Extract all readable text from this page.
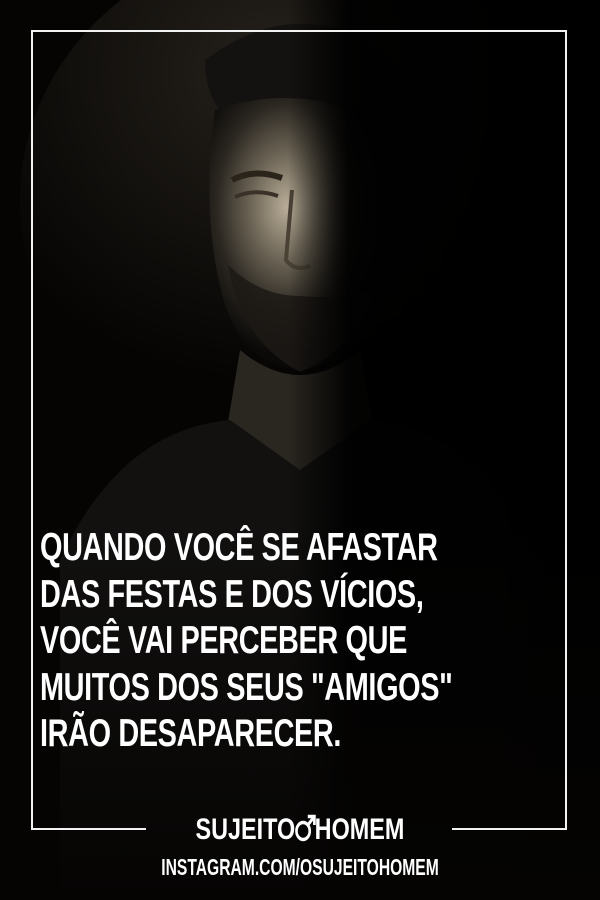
QUANDO VOCÊ SE AFASTAR
DAS FESTAS E DOS VÍCIOS,
VOCÊ VAI PERCEBER QUE
MUITOS DOS SEUS "AMIGOS"
IRÃO DESAPARECER.
SUJEITO HOMEM
INSTAGRAM.COM/OSUJEITOHOMEM
